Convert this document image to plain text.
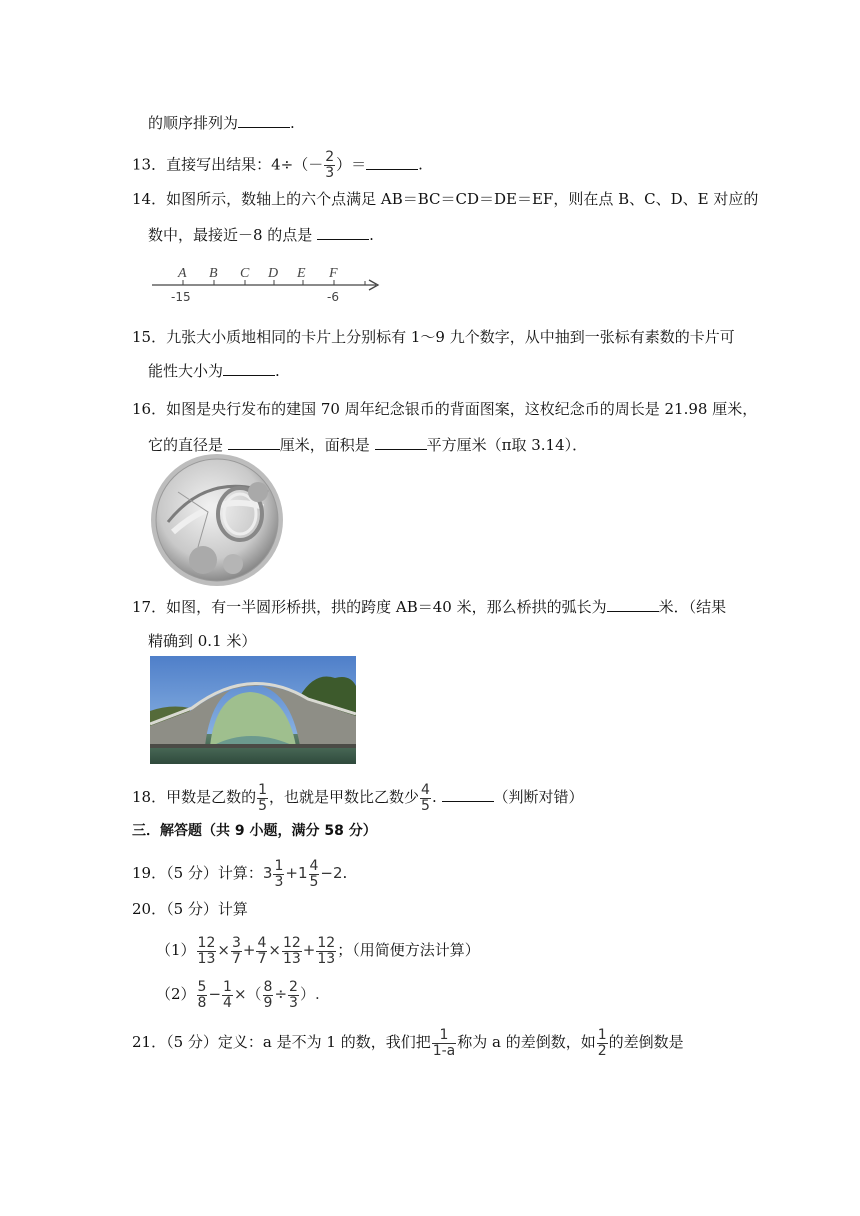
的顺序排列为	.
13．直接写出结果：$4\div(- \frac{2}{3}$ ）＝	.
14．如图所示，数轴上的六个点满足 AB＝BC＝CD＝DE＝EF，则在点 B、C、D、E 对应的
数中，最接近－8 的点是	.
A B C D E F
-15	-6
15．九张大小质地相同的卡片上分别标有 1～9 九个数字，从中抽到一张标有素数的卡片可
能性大小为	.
16．如图是央行发布的建国 70 周年纪念银币的背面图案，这枚纪念币的周长是 21.98 厘米，
它的直径是	厘米，面积是	平方厘米（π取 3.14）．
17．如图，有一半圆形桥拱，拱的跨度 AB＝40 米，那么桥拱的弧长为	米．（结果
精确到 0.1 米）
18．甲数是乙数的 $\frac{1}{5}$ ，也就是甲数比乙数少 $\frac{4}{5}$ .	（判断对错）
三．解答题（共 9 小题，满分 58 分）
19．（5 分）计算：$3 \frac{1}{3} +1 \frac{4}{5} -2$.
20．（5 分）计算
$(1) \frac{12}{13} \times \frac{3}{7} + \frac{4}{7} \times \frac{12}{13} + \frac{12}{13}$ ；（用简便方法计算）
$(2) \frac{5}{8} - \frac{1}{4}$ ×（ $\frac{8}{9} \div \frac{2}{3}$ ）.
21．（5 分）定义：a 是不为 1 的数，我们把 $\frac{1}{1-a}$ 称为 a 的差倒数，如 $\frac{1}{2}$ 的差倒数是
